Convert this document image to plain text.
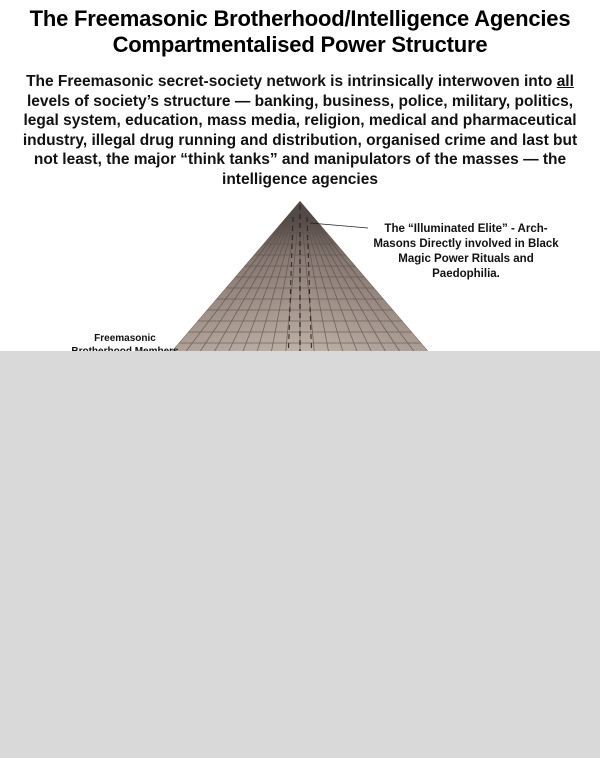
The Freemasonic Brotherhood/Intelligence Agencies
Compartmentalised Power Structure
The Freemasonic secret-society network is intrinsically interwoven into all levels of society’s structure — banking, business, police, military, politics, legal system, education, mass media, religion, medical and pharmaceutical industry, illegal drug running and distribution, organised crime and last but not least, the major “think tanks” and manipulators of the masses — the intelligence agencies
The “Illuminated Elite” - Arch-Masons Directly involved in Black Magic Power Rituals and Paedophilia.
Freemasonic
